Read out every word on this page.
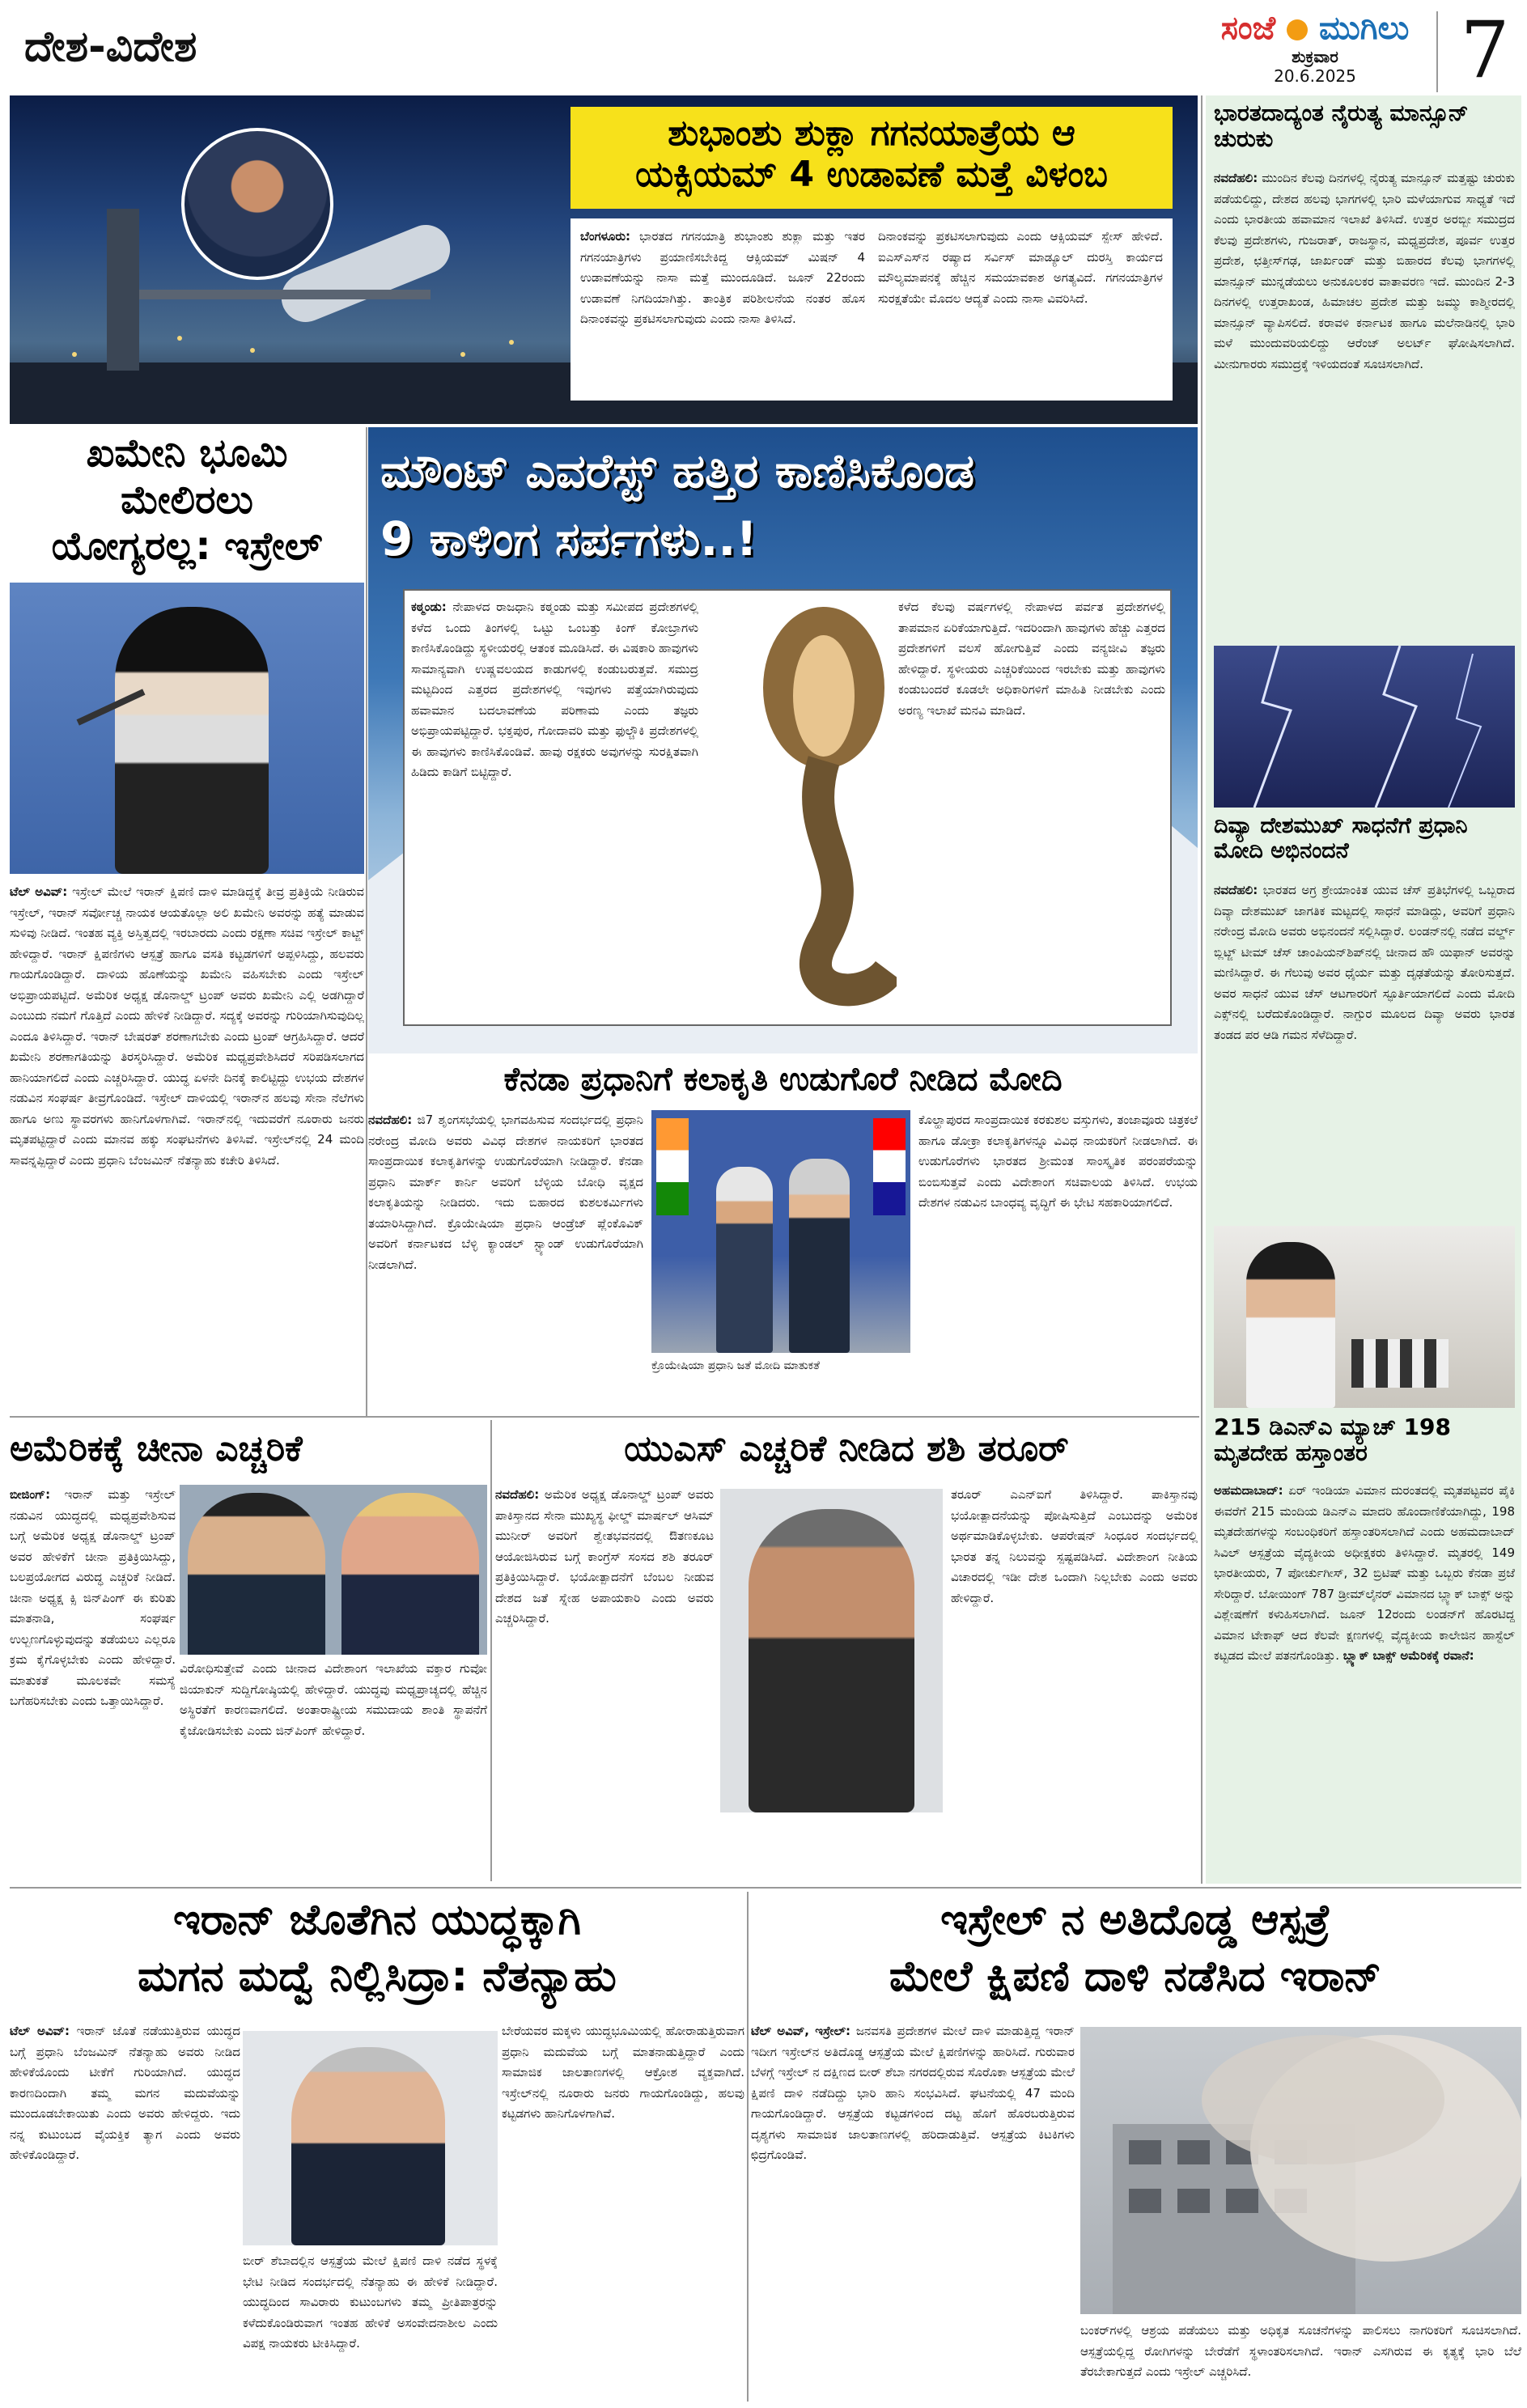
ದೇಶ-ವಿದೇಶ	ಸಂಜೆ ಮುಗಿಲು
ಶುಕ್ರವಾರ
20.6.2025	7
ಶುಭಾಂಶು ಶುಕ್ಲಾ ಗಗನಯಾತ್ರೆಯ ಆ
ಯಕ್ಸಿಯಮ್ 4 ಉಡಾವಣೆ ಮತ್ತೆ ವಿಳಂಬ
ಬೆಂಗಳೂರು: ಭಾರತದ ಗಗನಯಾತ್ರಿ ಶುಭಾಂಶು ಶುಕ್ಲಾ ಮತ್ತು ಇತರ ಗಗನಯಾತ್ರಿಗಳು ಪ್ರಯಾಣಿಸಬೇಕಿದ್ದ ಆಕ್ಸಿಯಮ್ ಮಿಷನ್ 4 ಉಡಾವಣೆಯನ್ನು ನಾಸಾ ಮತ್ತೆ ಮುಂದೂಡಿದೆ. ಜೂನ್ 22ರಂದು ಉಡಾವಣೆ ನಿಗದಿಯಾಗಿತ್ತು. ತಾಂತ್ರಿಕ ಪರಿಶೀಲನೆಯ ನಂತರ ಹೊಸ ದಿನಾಂಕವನ್ನು ಪ್ರಕಟಿಸಲಾಗುವುದು ಎಂದು ನಾಸಾ ತಿಳಿಸಿದೆ.
ದಿನಾಂಕವನ್ನು ಪ್ರಕಟಿಸಲಾಗುವುದು ಎಂದು ಆಕ್ಸಿಯಮ್ ಸ್ಪೇಸ್ ಹೇಳಿದೆ. ಐಎಸ್ಎಸ್‌ನ ರಷ್ಯಾದ ಸರ್ವಿಸ್ ಮಾಡ್ಯೂಲ್ ದುರಸ್ತಿ ಕಾರ್ಯದ ಮೌಲ್ಯಮಾಪನಕ್ಕೆ ಹೆಚ್ಚಿನ ಸಮಯಾವಕಾಶ ಅಗತ್ಯವಿದೆ. ಗಗನಯಾತ್ರಿಗಳ ಸುರಕ್ಷತೆಯೇ ಮೊದಲ ಆದ್ಯತೆ ಎಂದು ನಾಸಾ ವಿವರಿಸಿದೆ.
ಖಮೇನಿ ಭೂಮಿ
ಮೇಲಿರಲು
ಯೋಗ್ಯರಲ್ಲ: ಇಸ್ರೇಲ್
ಟೆಲ್ ಅವಿವ್: ಇಸ್ರೇಲ್ ಮೇಲೆ ಇರಾನ್ ಕ್ಷಿಪಣಿ ದಾಳಿ ಮಾಡಿದ್ದಕ್ಕೆ ತೀವ್ರ ಪ್ರತಿಕ್ರಿಯೆ ನೀಡಿರುವ ಇಸ್ರೇಲ್, ಇರಾನ್ ಸರ್ವೋಚ್ಚ ನಾಯಕ ಆಯತೊಲ್ಲಾ ಅಲಿ ಖಮೇನಿ ಅವರನ್ನು ಹತ್ಯೆ ಮಾಡುವ ಸುಳಿವು ನೀಡಿದೆ. ಇಂತಹ ವ್ಯಕ್ತಿ ಅಸ್ತಿತ್ವದಲ್ಲಿ ಇರಬಾರದು ಎಂದು ರಕ್ಷಣಾ ಸಚಿವ ಇಸ್ರೇಲ್ ಕಾಟ್ಜ್ ಹೇಳಿದ್ದಾರೆ. ಇರಾನ್ ಕ್ಷಿಪಣಿಗಳು ಆಸ್ಪತ್ರೆ ಹಾಗೂ ವಸತಿ ಕಟ್ಟಡಗಳಿಗೆ ಅಪ್ಪಳಿಸಿದ್ದು, ಹಲವರು ಗಾಯಗೊಂಡಿದ್ದಾರೆ. ದಾಳಿಯ ಹೊಣೆಯನ್ನು ಖಮೇನಿ ವಹಿಸಬೇಕು ಎಂದು ಇಸ್ರೇಲ್ ಅಭಿಪ್ರಾಯಪಟ್ಟಿದೆ. ಅಮೆರಿಕ ಅಧ್ಯಕ್ಷ ಡೊನಾಲ್ಡ್ ಟ್ರಂಪ್ ಅವರು ಖಮೇನಿ ಎಲ್ಲಿ ಅಡಗಿದ್ದಾರೆ ಎಂಬುದು ನಮಗೆ ಗೊತ್ತಿದೆ ಎಂದು ಹೇಳಿಕೆ ನೀಡಿದ್ದಾರೆ. ಸದ್ಯಕ್ಕೆ ಅವರನ್ನು ಗುರಿಯಾಗಿಸುವುದಿಲ್ಲ ಎಂದೂ ತಿಳಿಸಿದ್ದಾರೆ. ಇರಾನ್ ಬೇಷರತ್ ಶರಣಾಗಬೇಕು ಎಂದು ಟ್ರಂಪ್ ಆಗ್ರಹಿಸಿದ್ದಾರೆ. ಆದರೆ ಖಮೇನಿ ಶರಣಾಗತಿಯನ್ನು ತಿರಸ್ಕರಿಸಿದ್ದಾರೆ. ಅಮೆರಿಕ ಮಧ್ಯಪ್ರವೇಶಿಸಿದರೆ ಸರಿಪಡಿಸಲಾಗದ ಹಾನಿಯಾಗಲಿದೆ ಎಂದು ಎಚ್ಚರಿಸಿದ್ದಾರೆ. ಯುದ್ಧ ಏಳನೇ ದಿನಕ್ಕೆ ಕಾಲಿಟ್ಟಿದ್ದು ಉಭಯ ದೇಶಗಳ ನಡುವಿನ ಸಂಘರ್ಷ ತೀವ್ರಗೊಂಡಿದೆ. ಇಸ್ರೇಲ್ ದಾಳಿಯಲ್ಲಿ ಇರಾನ್‌ನ ಹಲವು ಸೇನಾ ನೆಲೆಗಳು ಹಾಗೂ ಅಣು ಸ್ಥಾವರಗಳು ಹಾನಿಗೊಳಗಾಗಿವೆ. ಇರಾನ್‌ನಲ್ಲಿ ಇದುವರೆಗೆ ನೂರಾರು ಜನರು ಮೃತಪಟ್ಟಿದ್ದಾರೆ ಎಂದು ಮಾನವ ಹಕ್ಕು ಸಂಘಟನೆಗಳು ತಿಳಿಸಿವೆ. ಇಸ್ರೇಲ್‌ನಲ್ಲಿ 24 ಮಂದಿ ಸಾವನ್ನಪ್ಪಿದ್ದಾರೆ ಎಂದು ಪ್ರಧಾನಿ ಬೆಂಜಮಿನ್ ನೆತನ್ಯಾಹು ಕಚೇರಿ ತಿಳಿಸಿದೆ.
ಮೌಂಟ್ ಎವರೆಸ್ಟ್ ಹತ್ತಿರ ಕಾಣಿಸಿಕೊಂಡ
9 ಕಾಳಿಂಗ ಸರ್ಪಗಳು..!
ಕಠ್ಮಂಡು: ನೇಪಾಳದ ರಾಜಧಾನಿ ಕಠ್ಮಂಡು ಮತ್ತು ಸಮೀಪದ ಪ್ರದೇಶಗಳಲ್ಲಿ ಕಳೆದ ಒಂದು ತಿಂಗಳಲ್ಲಿ ಒಟ್ಟು ಒಂಬತ್ತು ಕಿಂಗ್ ಕೋಬ್ರಾಗಳು ಕಾಣಿಸಿಕೊಂಡಿದ್ದು ಸ್ಥಳೀಯರಲ್ಲಿ ಆತಂಕ ಮೂಡಿಸಿದೆ. ಈ ವಿಷಕಾರಿ ಹಾವುಗಳು ಸಾಮಾನ್ಯವಾಗಿ ಉಷ್ಣವಲಯದ ಕಾಡುಗಳಲ್ಲಿ ಕಂಡುಬರುತ್ತವೆ. ಸಮುದ್ರ ಮಟ್ಟದಿಂದ ಎತ್ತರದ ಪ್ರದೇಶಗಳಲ್ಲಿ ಇವುಗಳು ಪತ್ತೆಯಾಗಿರುವುದು ಹವಾಮಾನ ಬದಲಾವಣೆಯ ಪರಿಣಾಮ ಎಂದು ತಜ್ಞರು ಅಭಿಪ್ರಾಯಪಟ್ಟಿದ್ದಾರೆ. ಭಕ್ತಪುರ, ಗೋದಾವರಿ ಮತ್ತು ಫುಲ್ಚೌಕಿ ಪ್ರದೇಶಗಳಲ್ಲಿ ಈ ಹಾವುಗಳು ಕಾಣಿಸಿಕೊಂಡಿವೆ. ಹಾವು ರಕ್ಷಕರು ಅವುಗಳನ್ನು ಸುರಕ್ಷಿತವಾಗಿ ಹಿಡಿದು ಕಾಡಿಗೆ ಬಿಟ್ಟಿದ್ದಾರೆ.
ಕಳೆದ ಕೆಲವು ವರ್ಷಗಳಲ್ಲಿ ನೇಪಾಳದ ಪರ್ವತ ಪ್ರದೇಶಗಳಲ್ಲಿ ತಾಪಮಾನ ಏರಿಕೆಯಾಗುತ್ತಿದೆ. ಇದರಿಂದಾಗಿ ಹಾವುಗಳು ಹೆಚ್ಚು ಎತ್ತರದ ಪ್ರದೇಶಗಳಿಗೆ ವಲಸೆ ಹೋಗುತ್ತಿವೆ ಎಂದು ವನ್ಯಜೀವಿ ತಜ್ಞರು ಹೇಳಿದ್ದಾರೆ. ಸ್ಥಳೀಯರು ಎಚ್ಚರಿಕೆಯಿಂದ ಇರಬೇಕು ಮತ್ತು ಹಾವುಗಳು ಕಂಡುಬಂದರೆ ಕೂಡಲೇ ಅಧಿಕಾರಿಗಳಿಗೆ ಮಾಹಿತಿ ನೀಡಬೇಕು ಎಂದು ಅರಣ್ಯ ಇಲಾಖೆ ಮನವಿ ಮಾಡಿದೆ.
ಕೆನಡಾ ಪ್ರಧಾನಿಗೆ ಕಲಾಕೃತಿ ಉಡುಗೊರೆ ನೀಡಿದ ಮೋದಿ
ನವದೆಹಲಿ: ಜಿ7 ಶೃಂಗಸಭೆಯಲ್ಲಿ ಭಾಗವಹಿಸುವ ಸಂದರ್ಭದಲ್ಲಿ ಪ್ರಧಾನಿ ನರೇಂದ್ರ ಮೋದಿ ಅವರು ವಿವಿಧ ದೇಶಗಳ ನಾಯಕರಿಗೆ ಭಾರತದ ಸಾಂಪ್ರದಾಯಿಕ ಕಲಾಕೃತಿಗಳನ್ನು ಉಡುಗೊರೆಯಾಗಿ ನೀಡಿದ್ದಾರೆ. ಕೆನಡಾ ಪ್ರಧಾನಿ ಮಾರ್ಕ್ ಕಾರ್ನಿ ಅವರಿಗೆ ಬೆಳ್ಳಿಯ ಬೋಧಿ ವೃಕ್ಷದ ಕಲಾಕೃತಿಯನ್ನು ನೀಡಿದರು. ಇದು ಬಿಹಾರದ ಕುಶಲಕರ್ಮಿಗಳು ತಯಾರಿಸಿದ್ದಾಗಿದೆ. ಕ್ರೊಯೇಷಿಯಾ ಪ್ರಧಾನಿ ಆಂಡ್ರೆಜ್ ಪ್ಲೆಂಕೊವಿಕ್ ಅವರಿಗೆ ಕರ್ನಾಟಕದ ಬೆಳ್ಳಿ ಕ್ಯಾಂಡಲ್ ಸ್ಟ್ಯಾಂಡ್ ಉಡುಗೊರೆಯಾಗಿ ನೀಡಲಾಗಿದೆ.
ಕ್ರೊಯೇಷಿಯಾ ಪ್ರಧಾನಿ ಜತೆ ಮೋದಿ ಮಾತುಕತೆ
ಕೊಲ್ಹಾಪುರದ ಸಾಂಪ್ರದಾಯಿಕ ಕರಕುಶಲ ವಸ್ತುಗಳು, ತಂಜಾವೂರು ಚಿತ್ರಕಲೆ ಹಾಗೂ ಡೋಕ್ರಾ ಕಲಾಕೃತಿಗಳನ್ನೂ ವಿವಿಧ ನಾಯಕರಿಗೆ ನೀಡಲಾಗಿದೆ. ಈ ಉಡುಗೊರೆಗಳು ಭಾರತದ ಶ್ರೀಮಂತ ಸಾಂಸ್ಕೃತಿಕ ಪರಂಪರೆಯನ್ನು ಬಿಂಬಿಸುತ್ತವೆ ಎಂದು ವಿದೇಶಾಂಗ ಸಚಿವಾಲಯ ತಿಳಿಸಿದೆ. ಉಭಯ ದೇಶಗಳ ನಡುವಿನ ಬಾಂಧವ್ಯ ವೃದ್ಧಿಗೆ ಈ ಭೇಟಿ ಸಹಕಾರಿಯಾಗಲಿದೆ.
ಅಮೆರಿಕಕ್ಕೆ ಚೀನಾ ಎಚ್ಚರಿಕೆ
ಬೀಜಿಂಗ್: ಇರಾನ್ ಮತ್ತು ಇಸ್ರೇಲ್ ನಡುವಿನ ಯುದ್ಧದಲ್ಲಿ ಮಧ್ಯಪ್ರವೇಶಿಸುವ ಬಗ್ಗೆ ಅಮೆರಿಕ ಅಧ್ಯಕ್ಷ ಡೊನಾಲ್ಡ್ ಟ್ರಂಪ್ ಅವರ ಹೇಳಿಕೆಗೆ ಚೀನಾ ಪ್ರತಿಕ್ರಿಯಿಸಿದ್ದು, ಬಲಪ್ರಯೋಗದ ವಿರುದ್ಧ ಎಚ್ಚರಿಕೆ ನೀಡಿದೆ. ಚೀನಾ ಅಧ್ಯಕ್ಷ ಕ್ಸಿ ಜಿನ್‌ಪಿಂಗ್ ಈ ಕುರಿತು ಮಾತನಾಡಿ, ಸಂಘರ್ಷ ಉಲ್ಬಣಗೊಳ್ಳುವುದನ್ನು ತಡೆಯಲು ಎಲ್ಲರೂ ಕ್ರಮ ಕೈಗೊಳ್ಳಬೇಕು ಎಂದು ಹೇಳಿದ್ದಾರೆ. ಮಾತುಕತೆ ಮೂಲಕವೇ ಸಮಸ್ಯೆ ಬಗೆಹರಿಸಬೇಕು ಎಂದು ಒತ್ತಾಯಿಸಿದ್ದಾರೆ.
ವಿರೋಧಿಸುತ್ತೇವೆ ಎಂದು ಚೀನಾದ ವಿದೇಶಾಂಗ ಇಲಾಖೆಯ ವಕ್ತಾರ ಗುವೋ ಜಿಯಾಕುನ್ ಸುದ್ದಿಗೋಷ್ಠಿಯಲ್ಲಿ ಹೇಳಿದ್ದಾರೆ. ಯುದ್ಧವು ಮಧ್ಯಪ್ರಾಚ್ಯದಲ್ಲಿ ಹೆಚ್ಚಿನ ಅಸ್ಥಿರತೆಗೆ ಕಾರಣವಾಗಲಿದೆ. ಅಂತಾರಾಷ್ಟ್ರೀಯ ಸಮುದಾಯ ಶಾಂತಿ ಸ್ಥಾಪನೆಗೆ ಕೈಜೋಡಿಸಬೇಕು ಎಂದು ಜಿನ್‌ಪಿಂಗ್ ಹೇಳಿದ್ದಾರೆ.
ಯುಎಸ್ ಎಚ್ಚರಿಕೆ ನೀಡಿದ ಶಶಿ ತರೂರ್
ನವದೆಹಲಿ: ಅಮೆರಿಕ ಅಧ್ಯಕ್ಷ ಡೊನಾಲ್ಡ್ ಟ್ರಂಪ್ ಅವರು ಪಾಕಿಸ್ತಾನದ ಸೇನಾ ಮುಖ್ಯಸ್ಥ ಫೀಲ್ಡ್ ಮಾರ್ಷಲ್ ಆಸಿಮ್ ಮುನೀರ್ ಅವರಿಗೆ ಶ್ವೇತಭವನದಲ್ಲಿ ಔತಣಕೂಟ ಆಯೋಜಿಸಿರುವ ಬಗ್ಗೆ ಕಾಂಗ್ರೆಸ್ ಸಂಸದ ಶಶಿ ತರೂರ್ ಪ್ರತಿಕ್ರಿಯಿಸಿದ್ದಾರೆ. ಭಯೋತ್ಪಾದನೆಗೆ ಬೆಂಬಲ ನೀಡುವ ದೇಶದ ಜತೆ ಸ್ನೇಹ ಅಪಾಯಕಾರಿ ಎಂದು ಅವರು ಎಚ್ಚರಿಸಿದ್ದಾರೆ.
ತರೂರ್ ಎಎನ್ಐಗೆ ತಿಳಿಸಿದ್ದಾರೆ. ಪಾಕಿಸ್ತಾನವು ಭಯೋತ್ಪಾದನೆಯನ್ನು ಪೋಷಿಸುತ್ತಿದೆ ಎಂಬುದನ್ನು ಅಮೆರಿಕ ಅರ್ಥಮಾಡಿಕೊಳ್ಳಬೇಕು. ಆಪರೇಷನ್ ಸಿಂಧೂರ ಸಂದರ್ಭದಲ್ಲಿ ಭಾರತ ತನ್ನ ನಿಲುವನ್ನು ಸ್ಪಷ್ಟಪಡಿಸಿದೆ. ವಿದೇಶಾಂಗ ನೀತಿಯ ವಿಚಾರದಲ್ಲಿ ಇಡೀ ದೇಶ ಒಂದಾಗಿ ನಿಲ್ಲಬೇಕು ಎಂದು ಅವರು ಹೇಳಿದ್ದಾರೆ.
ಇರಾನ್ ಜೊತೆಗಿನ ಯುದ್ಧಕ್ಕಾಗಿ
ಮಗನ ಮದ್ವೆ ನಿಲ್ಲಿಸಿದ್ರಾ: ನೆತನ್ಯಾಹು
ಟೆಲ್ ಅವಿವ್: ಇರಾನ್ ಜೊತೆ ನಡೆಯುತ್ತಿರುವ ಯುದ್ಧದ ಬಗ್ಗೆ ಪ್ರಧಾನಿ ಬೆಂಜಮಿನ್ ನೆತನ್ಯಾಹು ಅವರು ನೀಡಿದ ಹೇಳಿಕೆಯೊಂದು ಟೀಕೆಗೆ ಗುರಿಯಾಗಿದೆ. ಯುದ್ಧದ ಕಾರಣದಿಂದಾಗಿ ತಮ್ಮ ಮಗನ ಮದುವೆಯನ್ನು ಮುಂದೂಡಬೇಕಾಯಿತು ಎಂದು ಅವರು ಹೇಳಿದ್ದರು. ಇದು ನನ್ನ ಕುಟುಂಬದ ವೈಯಕ್ತಿಕ ತ್ಯಾಗ ಎಂದು ಅವರು ಹೇಳಿಕೊಂಡಿದ್ದಾರೆ.
ಬೀರ್ ಶೆಬಾದಲ್ಲಿನ ಆಸ್ಪತ್ರೆಯ ಮೇಲೆ ಕ್ಷಿಪಣಿ ದಾಳಿ ನಡೆದ ಸ್ಥಳಕ್ಕೆ ಭೇಟಿ ನೀಡಿದ ಸಂದರ್ಭದಲ್ಲಿ ನೆತನ್ಯಾಹು ಈ ಹೇಳಿಕೆ ನೀಡಿದ್ದಾರೆ. ಯುದ್ಧದಿಂದ ಸಾವಿರಾರು ಕುಟುಂಬಗಳು ತಮ್ಮ ಪ್ರೀತಿಪಾತ್ರರನ್ನು ಕಳೆದುಕೊಂಡಿರುವಾಗ ಇಂತಹ ಹೇಳಿಕೆ ಅಸಂವೇದನಾಶೀಲ ಎಂದು ವಿಪಕ್ಷ ನಾಯಕರು ಟೀಕಿಸಿದ್ದಾರೆ.
ಬೇರೆಯವರ ಮಕ್ಕಳು ಯುದ್ಧಭೂಮಿಯಲ್ಲಿ ಹೋರಾಡುತ್ತಿರುವಾಗ ಪ್ರಧಾನಿ ಮದುವೆಯ ಬಗ್ಗೆ ಮಾತನಾಡುತ್ತಿದ್ದಾರೆ ಎಂದು ಸಾಮಾಜಿಕ ಜಾಲತಾಣಗಳಲ್ಲಿ ಆಕ್ರೋಶ ವ್ಯಕ್ತವಾಗಿದೆ. ಇಸ್ರೇಲ್‌ನಲ್ಲಿ ನೂರಾರು ಜನರು ಗಾಯಗೊಂಡಿದ್ದು, ಹಲವು ಕಟ್ಟಡಗಳು ಹಾನಿಗೊಳಗಾಗಿವೆ.
ಇಸ್ರೇಲ್ ನ ಅತಿದೊಡ್ಡ ಆಸ್ಪತ್ರೆ
ಮೇಲೆ ಕ್ಷಿಪಣಿ ದಾಳಿ ನಡೆಸಿದ ಇರಾನ್
ಟೆಲ್ ಅವಿವ್, ಇಸ್ರೇಲ್: ಜನವಸತಿ ಪ್ರದೇಶಗಳ ಮೇಲೆ ದಾಳಿ ಮಾಡುತ್ತಿದ್ದ ಇರಾನ್ ಇದೀಗ ಇಸ್ರೇಲ್‌ನ ಅತಿದೊಡ್ಡ ಆಸ್ಪತ್ರೆಯ ಮೇಲೆ ಕ್ಷಿಪಣಿಗಳನ್ನು ಹಾರಿಸಿದೆ. ಗುರುವಾರ ಬೆಳಗ್ಗೆ ಇಸ್ರೇಲ್ ನ ದಕ್ಷಿಣದ ಬೀರ್ ಶೆಬಾ ನಗರದಲ್ಲಿರುವ ಸೊರೊಕಾ ಆಸ್ಪತ್ರೆಯ ಮೇಲೆ ಕ್ಷಿಪಣಿ ದಾಳಿ ನಡೆದಿದ್ದು ಭಾರಿ ಹಾನಿ ಸಂಭವಿಸಿದೆ. ಘಟನೆಯಲ್ಲಿ 47 ಮಂದಿ ಗಾಯಗೊಂಡಿದ್ದಾರೆ. ಆಸ್ಪತ್ರೆಯ ಕಟ್ಟಡಗಳಿಂದ ದಟ್ಟ ಹೊಗೆ ಹೊರಬರುತ್ತಿರುವ ದೃಶ್ಯಗಳು ಸಾಮಾಜಿಕ ಜಾಲತಾಣಗಳಲ್ಲಿ ಹರಿದಾಡುತ್ತಿವೆ. ಆಸ್ಪತ್ರೆಯ ಕಿಟಕಿಗಳು ಛಿದ್ರಗೊಂಡಿವೆ.
ಬಂಕರ್‌ಗಳಲ್ಲಿ ಆಶ್ರಯ ಪಡೆಯಲು ಮತ್ತು ಅಧಿಕೃತ ಸೂಚನೆಗಳನ್ನು ಪಾಲಿಸಲು ನಾಗರಿಕರಿಗೆ ಸೂಚಿಸಲಾಗಿದೆ. ಆಸ್ಪತ್ರೆಯಲ್ಲಿದ್ದ ರೋಗಿಗಳನ್ನು ಬೇರೆಡೆಗೆ ಸ್ಥಳಾಂತರಿಸಲಾಗಿದೆ. ಇರಾನ್ ಎಸಗಿರುವ ಈ ಕೃತ್ಯಕ್ಕೆ ಭಾರಿ ಬೆಲೆ ತೆರಬೇಕಾಗುತ್ತದೆ ಎಂದು ಇಸ್ರೇಲ್ ಎಚ್ಚರಿಸಿದೆ.
ಭಾರತದಾದ್ಯಂತ ನೈರುತ್ಯ ಮಾನ್ಸೂನ್ ಚುರುಕು
ನವದೆಹಲಿ: ಮುಂದಿನ ಕೆಲವು ದಿನಗಳಲ್ಲಿ ನೈರುತ್ಯ ಮಾನ್ಸೂನ್ ಮತ್ತಷ್ಟು ಚುರುಕು ಪಡೆಯಲಿದ್ದು, ದೇಶದ ಹಲವು ಭಾಗಗಳಲ್ಲಿ ಭಾರಿ ಮಳೆಯಾಗುವ ಸಾಧ್ಯತೆ ಇದೆ ಎಂದು ಭಾರತೀಯ ಹವಾಮಾನ ಇಲಾಖೆ ತಿಳಿಸಿದೆ. ಉತ್ತರ ಅರಬ್ಬೀ ಸಮುದ್ರದ ಕೆಲವು ಪ್ರದೇಶಗಳು, ಗುಜರಾತ್, ರಾಜಸ್ಥಾನ, ಮಧ್ಯಪ್ರದೇಶ, ಪೂರ್ವ ಉತ್ತರ ಪ್ರದೇಶ, ಛತ್ತೀಸ್‌ಗಢ, ಜಾರ್ಖಂಡ್ ಮತ್ತು ಬಿಹಾರದ ಕೆಲವು ಭಾಗಗಳಲ್ಲಿ ಮಾನ್ಸೂನ್ ಮುನ್ನಡೆಯಲು ಅನುಕೂಲಕರ ವಾತಾವರಣ ಇದೆ. ಮುಂದಿನ 2-3 ದಿನಗಳಲ್ಲಿ ಉತ್ತರಾಖಂಡ, ಹಿಮಾಚಲ ಪ್ರದೇಶ ಮತ್ತು ಜಮ್ಮು ಕಾಶ್ಮೀರದಲ್ಲಿ ಮಾನ್ಸೂನ್ ವ್ಯಾಪಿಸಲಿದೆ. ಕರಾವಳಿ ಕರ್ನಾಟಕ ಹಾಗೂ ಮಲೆನಾಡಿನಲ್ಲಿ ಭಾರಿ ಮಳೆ ಮುಂದುವರಿಯಲಿದ್ದು ಆರೆಂಜ್ ಅಲರ್ಟ್ ಘೋಷಿಸಲಾಗಿದೆ. ಮೀನುಗಾರರು ಸಮುದ್ರಕ್ಕೆ ಇಳಿಯದಂತೆ ಸೂಚಿಸಲಾಗಿದೆ.
ದಿವ್ಯಾ ದೇಶಮುಖ್ ಸಾಧನೆಗೆ ಪ್ರಧಾನಿ ಮೋದಿ ಅಭಿನಂದನೆ
ನವದೆಹಲಿ: ಭಾರತದ ಅಗ್ರ ಶ್ರೇಯಾಂಕಿತ ಯುವ ಚೆಸ್ ಪ್ರತಿಭೆಗಳಲ್ಲಿ ಒಬ್ಬರಾದ ದಿವ್ಯಾ ದೇಶಮುಖ್ ಜಾಗತಿಕ ಮಟ್ಟದಲ್ಲಿ ಸಾಧನೆ ಮಾಡಿದ್ದು, ಅವರಿಗೆ ಪ್ರಧಾನಿ ನರೇಂದ್ರ ಮೋದಿ ಅವರು ಅಭಿನಂದನೆ ಸಲ್ಲಿಸಿದ್ದಾರೆ. ಲಂಡನ್‌ನಲ್ಲಿ ನಡೆದ ವರ್ಲ್ಡ್ ಬ್ಲಿಟ್ಜ್ ಟೀಮ್ ಚೆಸ್ ಚಾಂಪಿಯನ್‌ಶಿಪ್‌ನಲ್ಲಿ ಚೀನಾದ ಹೌ ಯಿಫಾನ್ ಅವರನ್ನು ಮಣಿಸಿದ್ದಾರೆ. ಈ ಗೆಲುವು ಅವರ ಧೈರ್ಯ ಮತ್ತು ದೃಢತೆಯನ್ನು ತೋರಿಸುತ್ತದೆ. ಅವರ ಸಾಧನೆ ಯುವ ಚೆಸ್ ಆಟಗಾರರಿಗೆ ಸ್ಫೂರ್ತಿಯಾಗಲಿದೆ ಎಂದು ಮೋದಿ ಎಕ್ಸ್‌ನಲ್ಲಿ ಬರೆದುಕೊಂಡಿದ್ದಾರೆ. ನಾಗ್ಪುರ ಮೂಲದ ದಿವ್ಯಾ ಅವರು ಭಾರತ ತಂಡದ ಪರ ಆಡಿ ಗಮನ ಸೆಳೆದಿದ್ದಾರೆ.
215 ಡಿಎನ್ಎ ಮ್ಯಾಚ್ 198 ಮೃತದೇಹ ಹಸ್ತಾಂತರ
ಅಹಮದಾಬಾದ್: ಏರ್ ಇಂಡಿಯಾ ವಿಮಾನ ದುರಂತದಲ್ಲಿ ಮೃತಪಟ್ಟವರ ಪೈಕಿ ಈವರೆಗೆ 215 ಮಂದಿಯ ಡಿಎನ್ಎ ಮಾದರಿ ಹೊಂದಾಣಿಕೆಯಾಗಿದ್ದು, 198 ಮೃತದೇಹಗಳನ್ನು ಸಂಬಂಧಿಕರಿಗೆ ಹಸ್ತಾಂತರಿಸಲಾಗಿದೆ ಎಂದು ಅಹಮದಾಬಾದ್ ಸಿವಿಲ್ ಆಸ್ಪತ್ರೆಯ ವೈದ್ಯಕೀಯ ಅಧೀಕ್ಷಕರು ತಿಳಿಸಿದ್ದಾರೆ. ಮೃತರಲ್ಲಿ 149 ಭಾರತೀಯರು, 7 ಪೋರ್ಚುಗೀಸ್, 32 ಬ್ರಿಟಿಷ್ ಮತ್ತು ಒಬ್ಬರು ಕೆನಡಾ ಪ್ರಜೆ ಸೇರಿದ್ದಾರೆ. ಬೋಯಿಂಗ್ 787 ಡ್ರೀಮ್‌ಲೈನರ್ ವಿಮಾನದ ಬ್ಲ್ಯಾಕ್ ಬಾಕ್ಸ್ ಅನ್ನು ವಿಶ್ಲೇಷಣೆಗೆ ಕಳುಹಿಸಲಾಗಿದೆ. ಜೂನ್ 12ರಂದು ಲಂಡನ್‌ಗೆ ಹೊರಟಿದ್ದ ವಿಮಾನ ಟೇಕಾಫ್ ಆದ ಕೆಲವೇ ಕ್ಷಣಗಳಲ್ಲಿ ವೈದ್ಯಕೀಯ ಕಾಲೇಜಿನ ಹಾಸ್ಟೆಲ್ ಕಟ್ಟಡದ ಮೇಲೆ ಪತನಗೊಂಡಿತ್ತು. ಬ್ಲ್ಯಾಕ್ ಬಾಕ್ಸ್ ಅಮೆರಿಕಕ್ಕೆ ರವಾನೆ:
